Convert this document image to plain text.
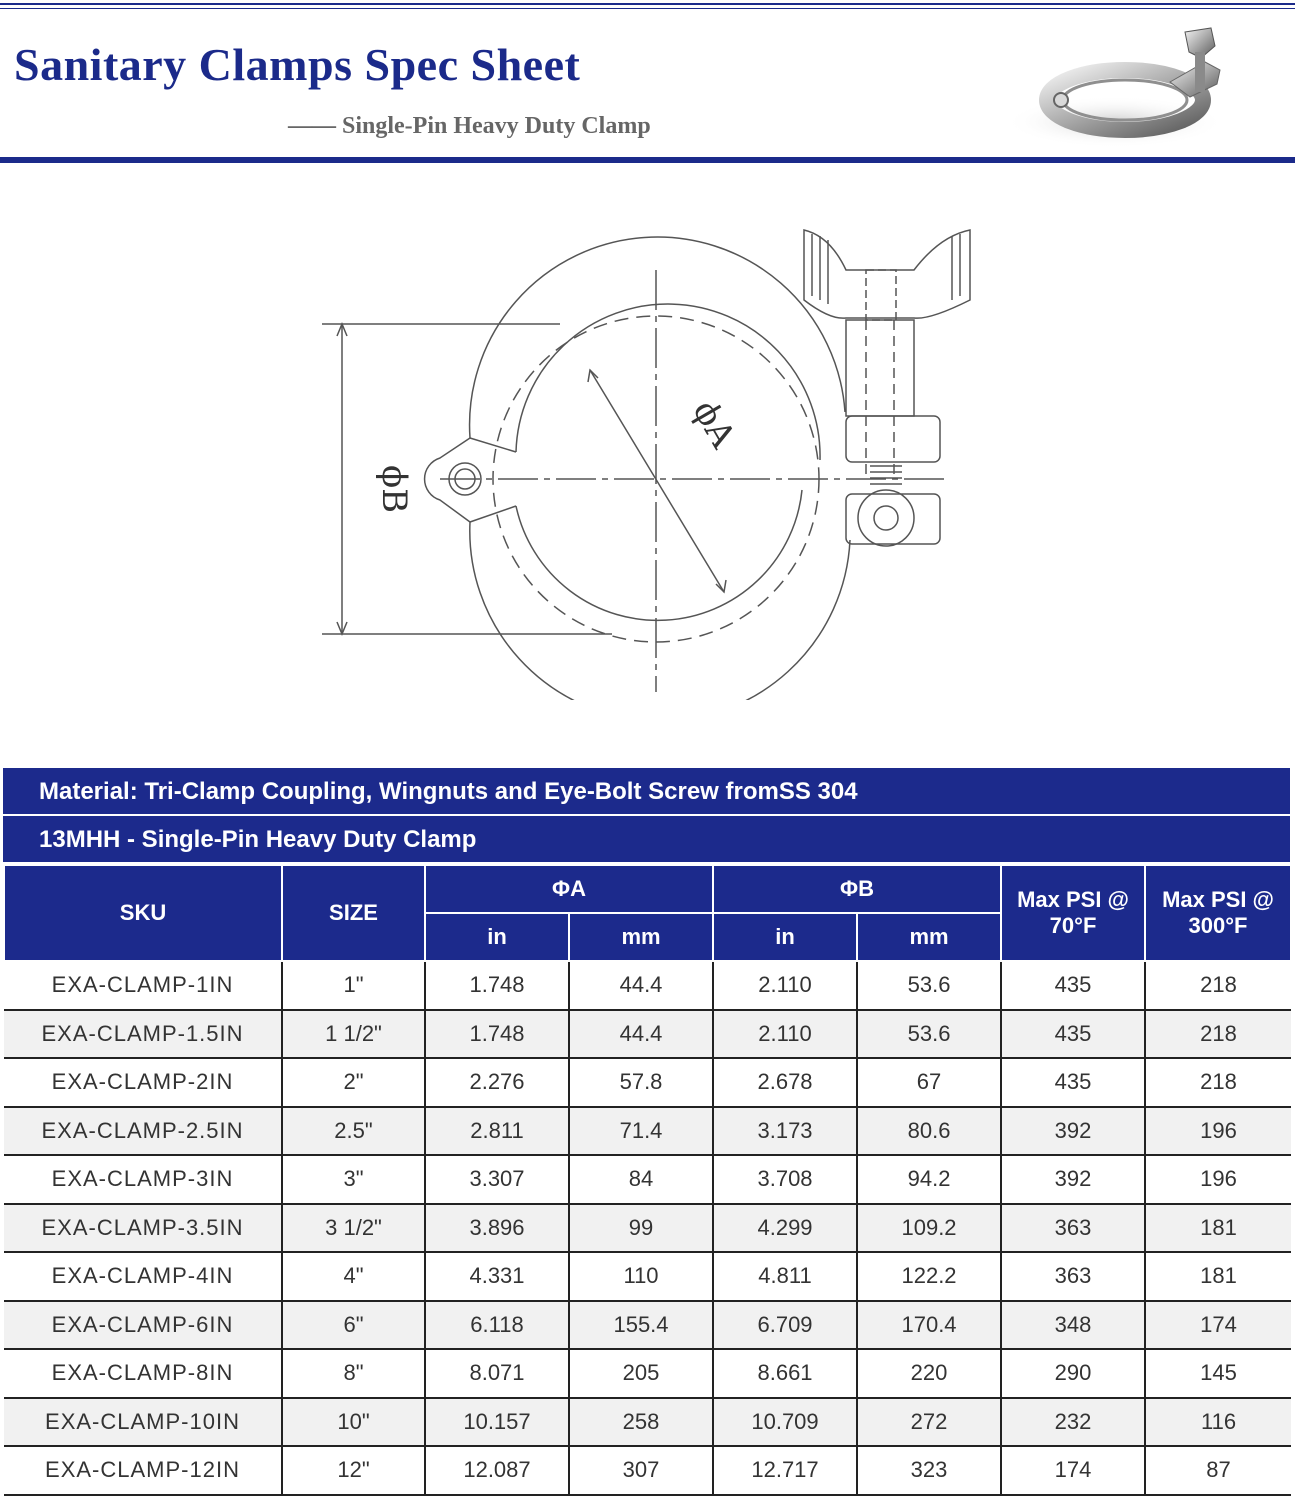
Sanitary Clamps Spec Sheet
—— Single-Pin Heavy Duty Clamp
ϕA
ϕB
Material: Tri-Clamp Coupling, Wingnuts and Eye-Bolt Screw fromSS 304
13MHH - Single-Pin Heavy Duty Clamp
SKU	SIZE	ΦA		ΦB		Max PSI @
70°F	Max PSI @
300°F
		in	mm	in	mm		
EXA-CLAMP-1IN	1"	1.748	44.4	2.110	53.6	435	218
EXA-CLAMP-1.5IN	1 1/2"	1.748	44.4	2.110	53.6	435	218
EXA-CLAMP-2IN	2"	2.276	57.8	2.678	67	435	218
EXA-CLAMP-2.5IN	2.5"	2.811	71.4	3.173	80.6	392	196
EXA-CLAMP-3IN	3"	3.307	84	3.708	94.2	392	196
EXA-CLAMP-3.5IN	3 1/2"	3.896	99	4.299	109.2	363	181
EXA-CLAMP-4IN	4"	4.331	110	4.811	122.2	363	181
EXA-CLAMP-6IN	6"	6.118	155.4	6.709	170.4	348	174
EXA-CLAMP-8IN	8"	8.071	205	8.661	220	290	145
EXA-CLAMP-10IN	10"	10.157	258	10.709	272	232	116
EXA-CLAMP-12IN	12"	12.087	307	12.717	323	174	87
